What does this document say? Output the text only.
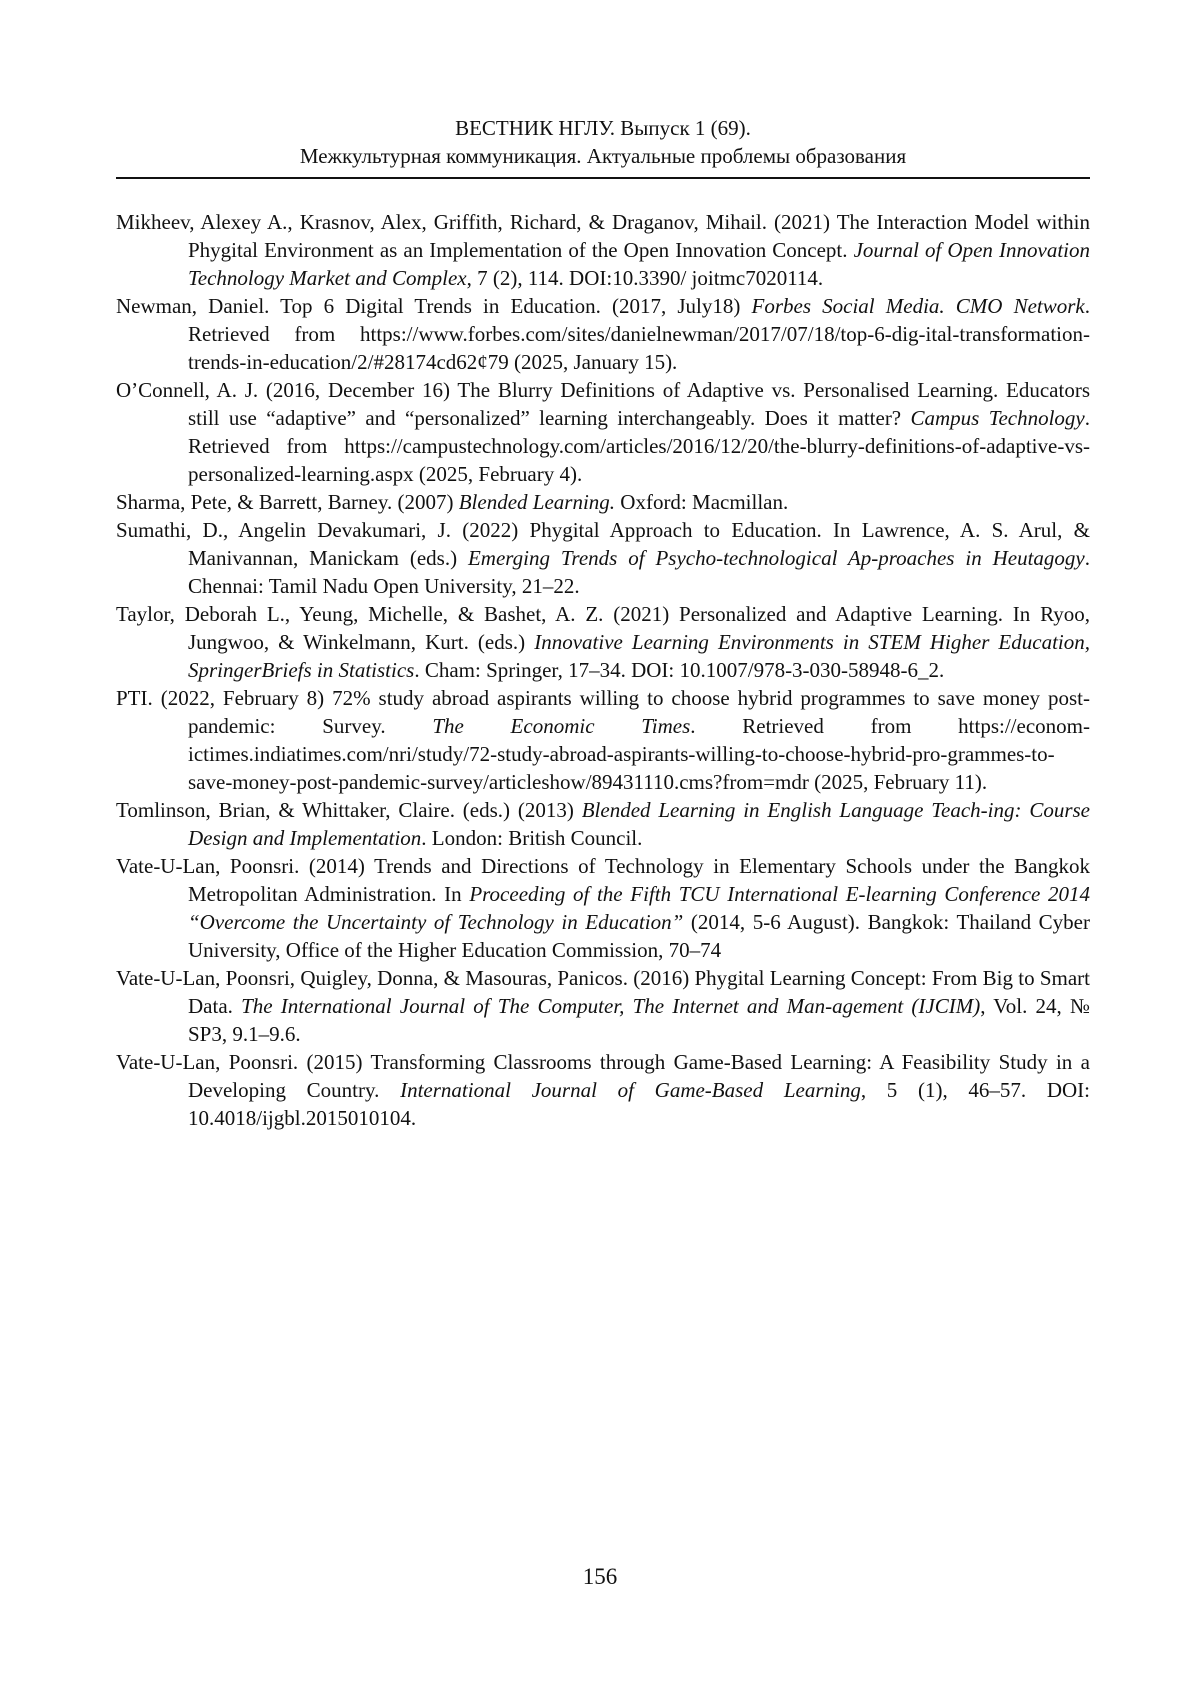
ВЕСТНИК НГЛУ. Выпуск 1 (69).
Межкультурная коммуникация. Актуальные проблемы образования
Mikheev, Alexey A., Krasnov, Alex, Griffith, Richard, & Draganov, Mihail. (2021) The Interaction Model within Phygital Environment as an Implementation of the Open Innovation Concept. Journal of Open Innovation Technology Market and Complex, 7 (2), 114. DOI:10.3390/ joitmc7020114.
Newman, Daniel. Top 6 Digital Trends in Education. (2017, July18) Forbes Social Media. CMO Network. Retrieved from https://www.forbes.com/sites/danielnewman/2017/07/18/top-6-dig-ital-transformation-trends-in-education/2/#28174cd62¢79 (2025, January 15).
O’Connell, A. J. (2016, December 16) The Blurry Definitions of Adaptive vs. Personalised Learning. Educators still use “adaptive” and “personalized” learning interchangeably. Does it matter? Campus Technology. Retrieved from https://campustechnology.com/articles/2016/12/20/the-blurry-definitions-of-adaptive-vs-personalized-learning.aspx (2025, February 4).
Sharma, Pete, & Barrett, Barney. (2007) Blended Learning. Oxford: Macmillan.
Sumathi, D., Angelin Devakumari, J. (2022) Phygital Approach to Education. In Lawrence, A. S. Arul, & Manivannan, Manickam (eds.) Emerging Trends of Psycho-technological Ap-proaches in Heutagogy. Chennai: Tamil Nadu Open University, 21–22.
Taylor, Deborah L., Yeung, Michelle, & Bashet, A. Z. (2021) Personalized and Adaptive Learning. In Ryoo, Jungwoo, & Winkelmann, Kurt. (eds.) Innovative Learning Environments in STEM Higher Education, SpringerBriefs in Statistics. Cham: Springer, 17–34. DOI: 10.1007/978-3-030-58948-6_2.
PTI. (2022, February 8) 72% study abroad aspirants willing to choose hybrid programmes to save money post-pandemic: Survey. The Economic Times. Retrieved from https://econom-ictimes.indiatimes.com/nri/study/72-study-abroad-aspirants-willing-to-choose-hybrid-pro-grammes-to-save-money-post-pandemic-survey/articleshow/89431110.cms?from=mdr (2025, February 11).
Tomlinson, Brian, & Whittaker, Claire. (eds.) (2013) Blended Learning in English Language Teach-ing: Course Design and Implementation. London: British Council.
Vate-U-Lan, Poonsri. (2014) Trends and Directions of Technology in Elementary Schools under the Bangkok Metropolitan Administration. In Proceeding of the Fifth TCU International E-learning Conference 2014 “Overcome the Uncertainty of Technology in Education” (2014, 5-6 August). Bangkok: Thailand Cyber University, Office of the Higher Education Commission, 70–74
Vate-U-Lan, Poonsri, Quigley, Donna, & Masouras, Panicos. (2016) Phygital Learning Concept: From Big to Smart Data. The International Journal of The Computer, The Internet and Man-agement (IJCIM), Vol. 24, № SP3, 9.1–9.6.
Vate-U-Lan, Poonsri. (2015) Transforming Classrooms through Game-Based Learning: A Feasibility Study in a Developing Country. International Journal of Game-Based Learning, 5 (1), 46–57. DOI: 10.4018/ijgbl.2015010104.
156
